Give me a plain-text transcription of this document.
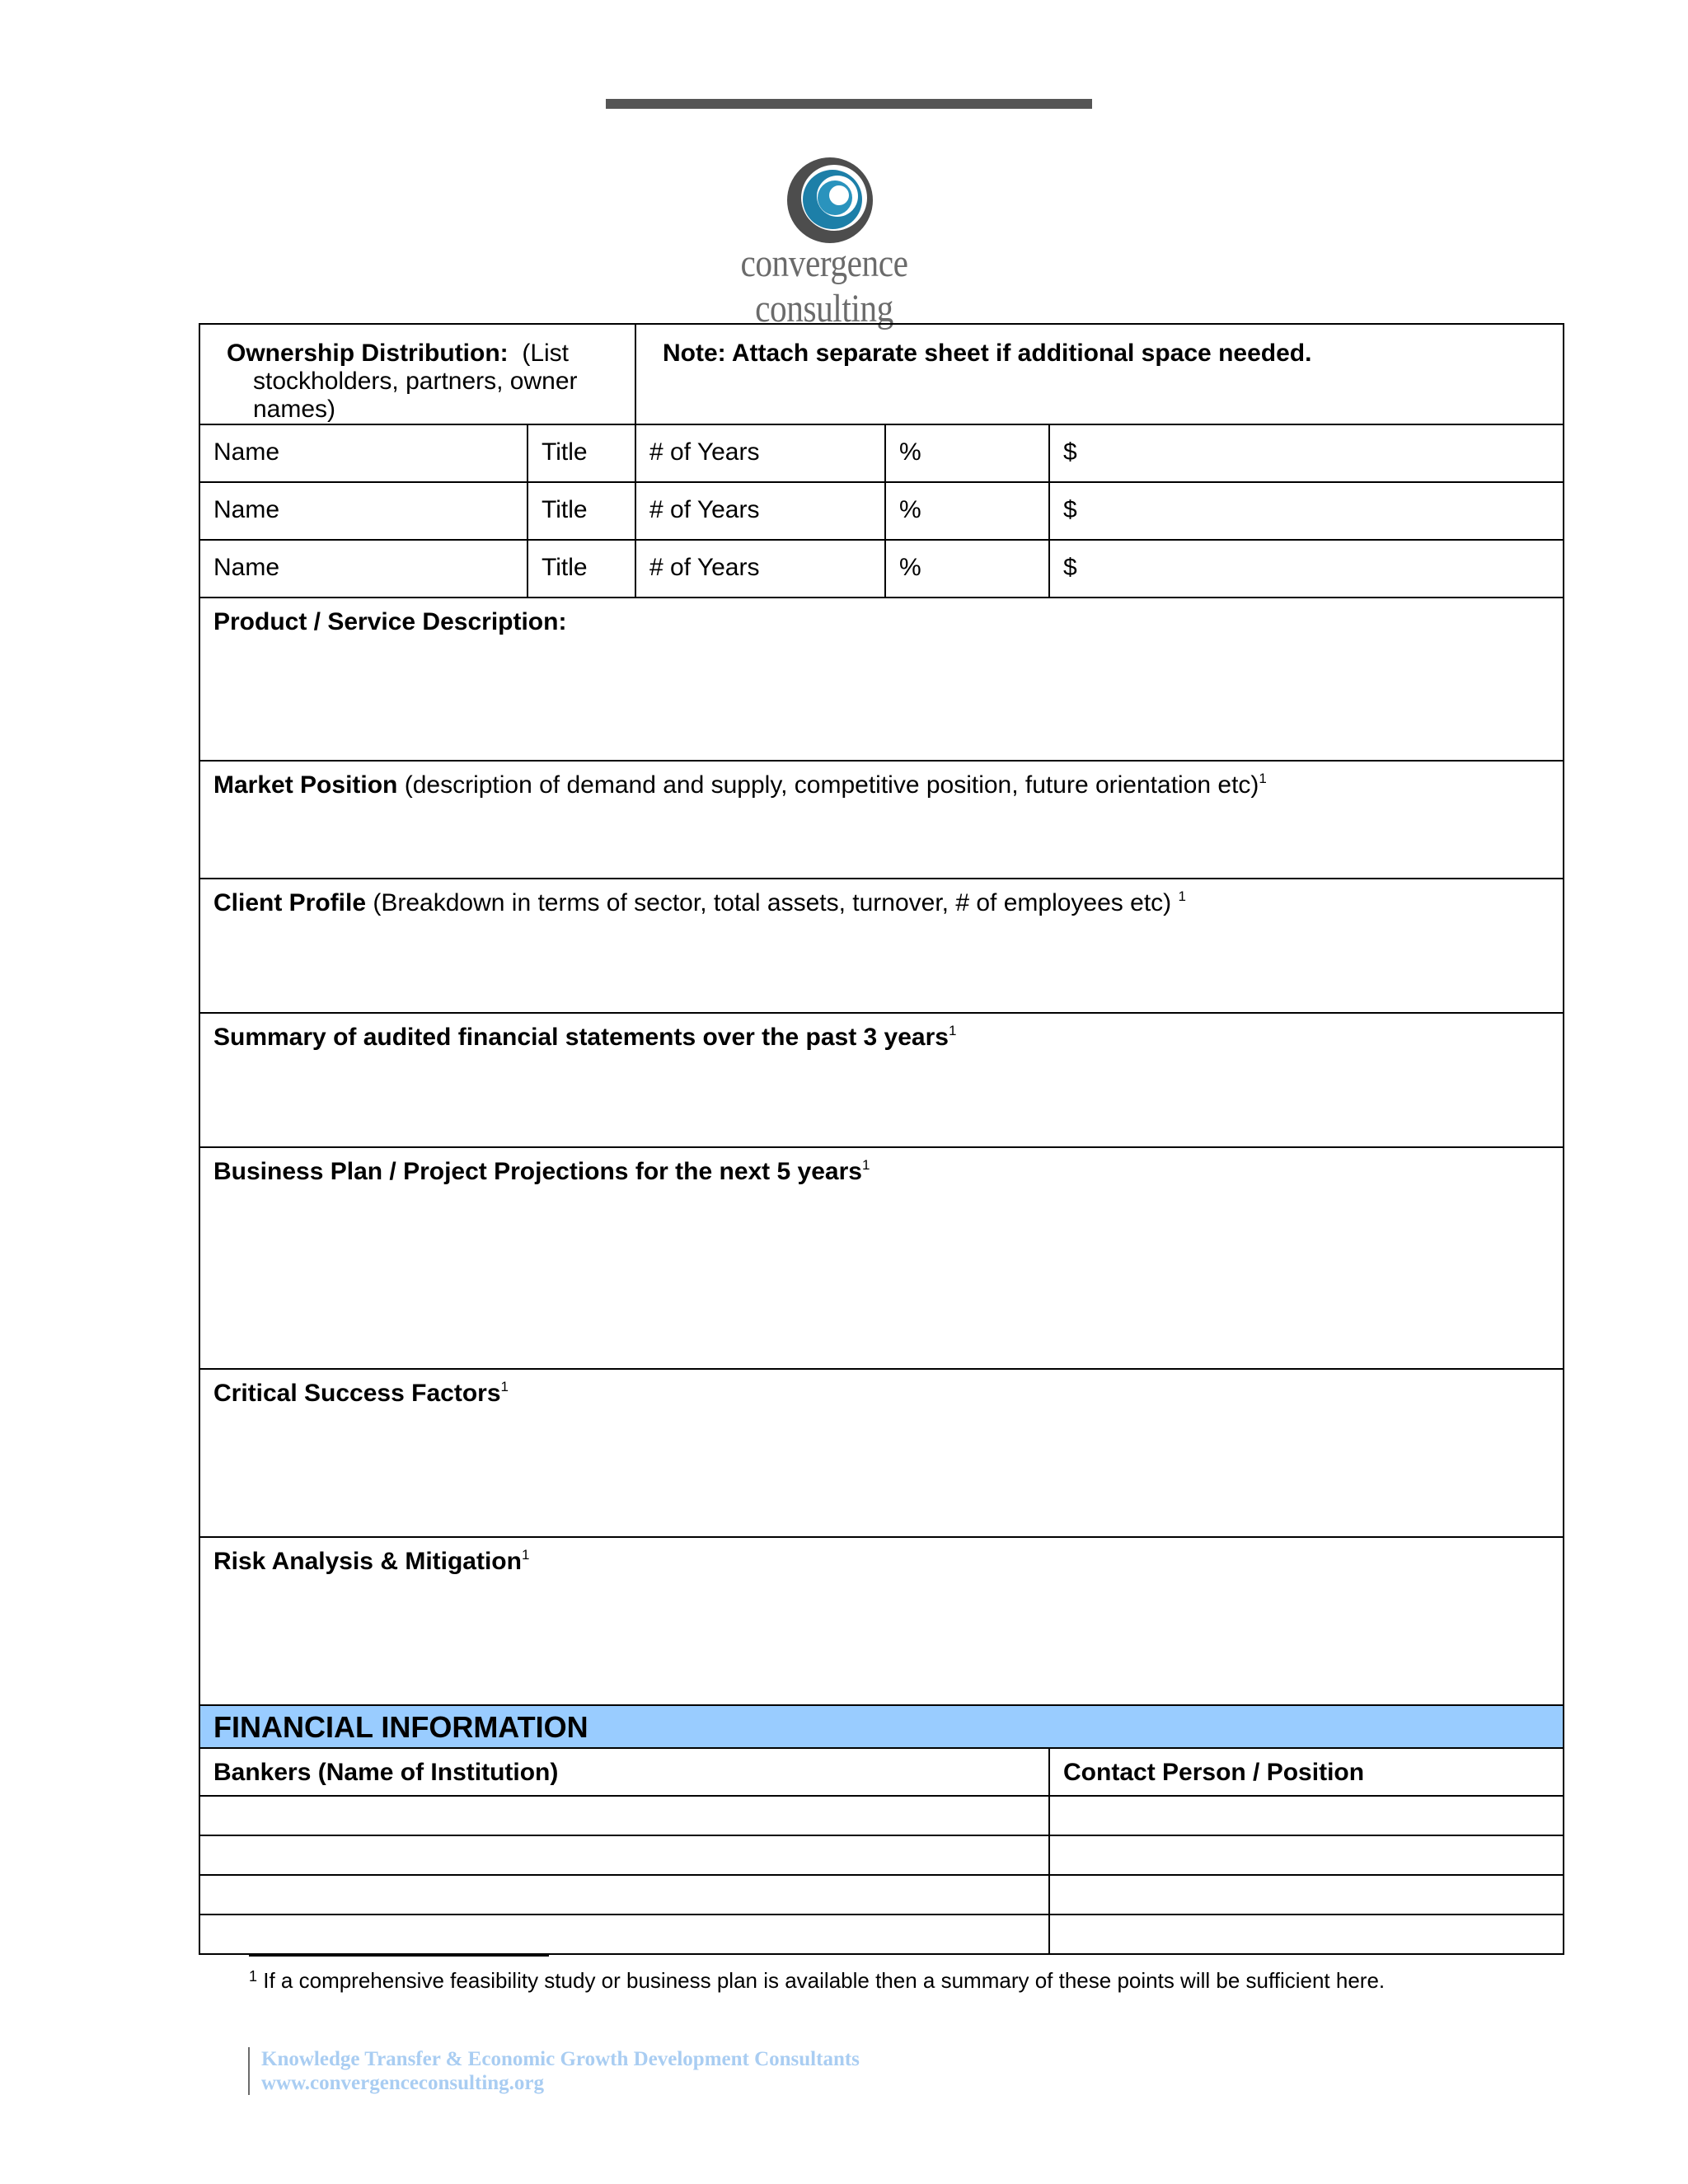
convergence consulting
Ownership Distribution: (List stockholders, partners, owner names)		Note: Attach separate sheet if additional space needed.		

Name	Title	# of Years	%	$
Name	Title	# of Years	%	$
Name	Title	# of Years	%	$
Product / Service Description:				
Market Position (description of demand and supply, competitive position, future orientation etc)$^1$
Client Profile (Breakdown in terms of sector, total assets, turnover, # of employees etc) $^1$
Summary of audited financial statements over the past 3 years$^1$
Business Plan / Project Projections for the next 5 years$^1$
Critical Success Factors$^1$
Risk Analysis & Mitigation$^1$
FINANCIAL INFORMATION				
Bankers (Name of Institution)				Contact Person / Position

$^1$ If a comprehensive feasibility study or business plan is available then a summary of these points will be sufficient here.
Knowledge Transfer & Economic Growth Development Consultants
www.convergenceconsulting.org
